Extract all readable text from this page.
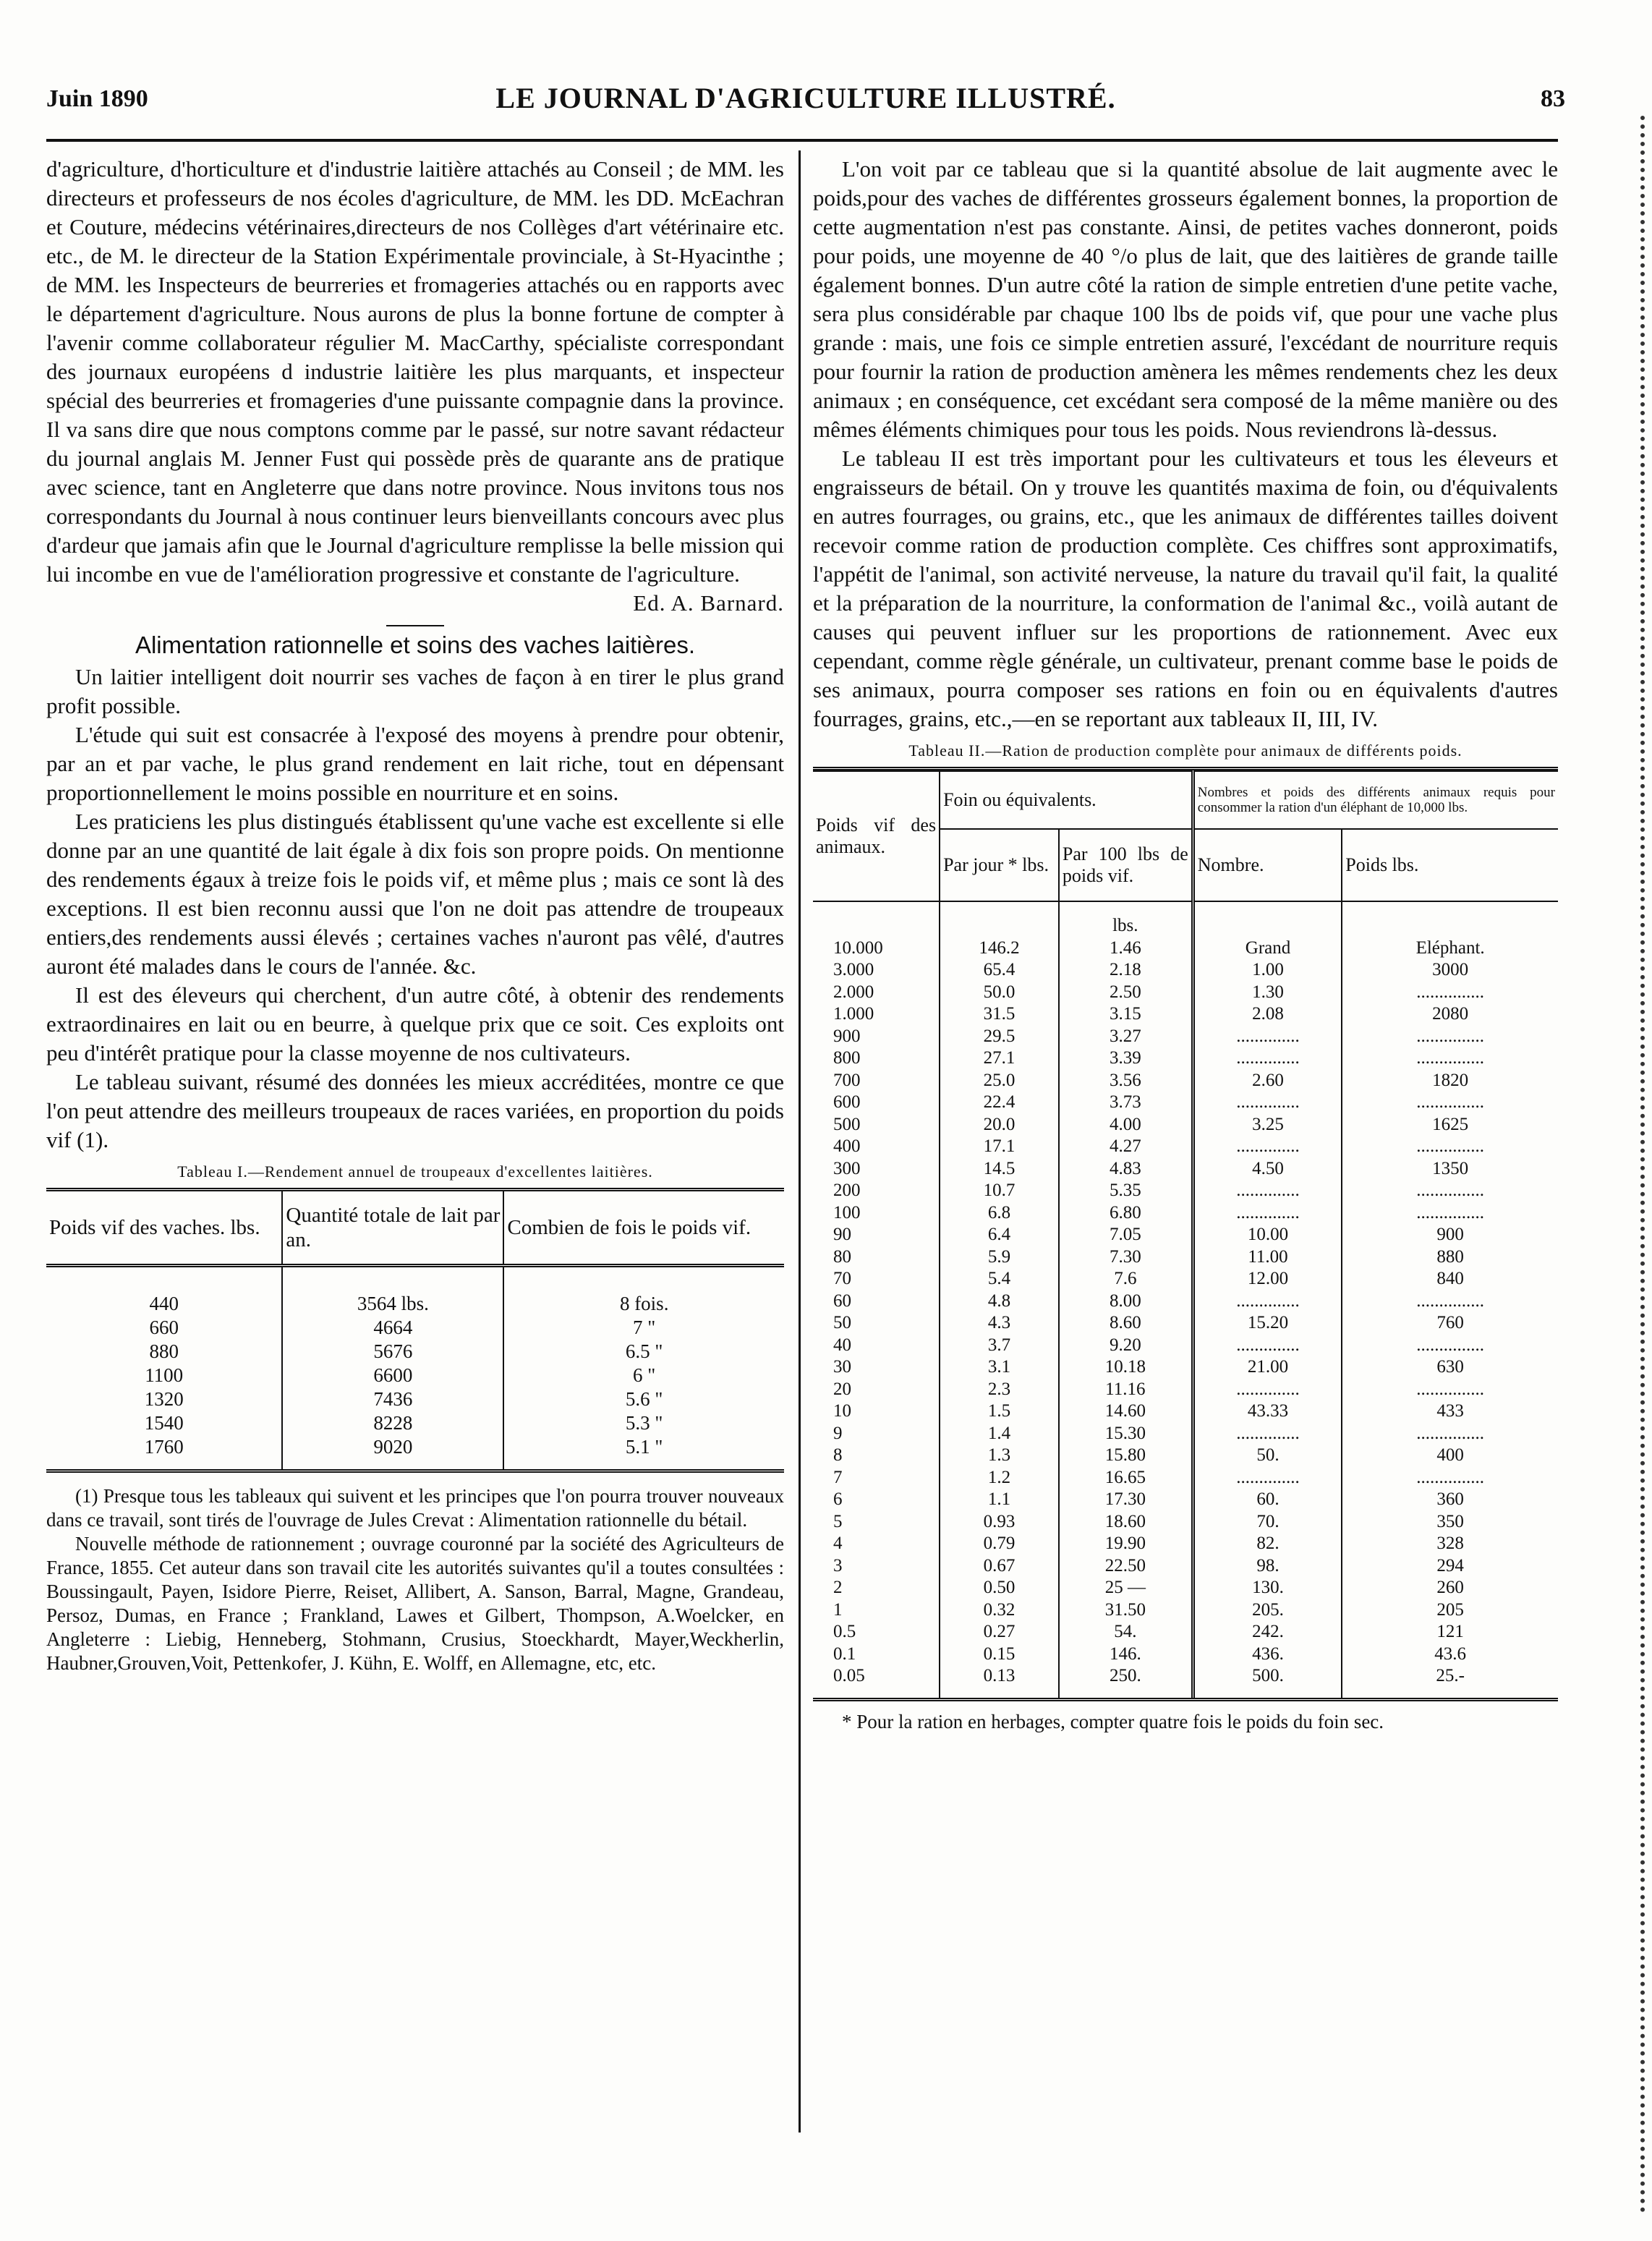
Juin 1890	LE JOURNAL D'AGRICULTURE ILLUSTRÉ.	83

d'agriculture, d'horticulture et d'industrie laitière attachés au Conseil ; de MM. les directeurs et professeurs de nos écoles d'agriculture, de MM. les DD. McEachran et Couture, médecins vétérinaires,directeurs de nos Collèges d'art vétérinaire etc. etc., de M. le directeur de la Station Expérimentale provinciale, à St-Hyacinthe ; de MM. les Inspecteurs de beurreries et fromageries attachés ou en rapports avec le département d'agriculture. Nous aurons de plus la bonne fortune de compter à l'avenir comme collaborateur régulier M. MacCarthy, spécialiste correspondant des journaux européens d industrie laitière les plus marquants, et inspecteur spécial des beurreries et fromageries d'une puissante compagnie dans la province. Il va sans dire que nous comptons comme par le passé, sur notre savant rédacteur du journal anglais M. Jenner Fust qui possède près de quarante ans de pratique avec science, tant en Angleterre que dans notre province. Nous invitons tous nos correspondants du Journal à nous continuer leurs bienveillants concours avec plus d'ardeur que jamais afin que le Journal d'agriculture remplisse la belle mission qui lui incombe en vue de l'amélioration progressive et constante de l'agriculture.

Ed. A. Barnard.

Alimentation rationnelle et soins des vaches laitières.

Un laitier intelligent doit nourrir ses vaches de façon à en tirer le plus grand profit possible.

L'étude qui suit est consacrée à l'exposé des moyens à prendre pour obtenir, par an et par vache, le plus grand rendement en lait riche, tout en dépensant proportionnellement le moins possible en nourriture et en soins.

Les praticiens les plus distingués établissent qu'une vache est excellente si elle donne par an une quantité de lait égale à dix fois son propre poids. On mentionne des rendements égaux à treize fois le poids vif, et même plus ; mais ce sont là des exceptions. Il est bien reconnu aussi que l'on ne doit pas attendre de troupeaux entiers,des rendements aussi élevés ; certaines vaches n'auront pas vêlé, d'autres auront été malades dans le cours de l'année. &c.

Il est des éleveurs qui cherchent, d'un autre côté, à obtenir des rendements extraordinaires en lait ou en beurre, à quelque prix que ce soit. Ces exploits ont peu d'intérêt pratique pour la classe moyenne de nos cultivateurs.

Le tableau suivant, résumé des données les mieux accréditées, montre ce que l'on peut attendre des meilleurs troupeaux de races variées, en proportion du poids vif (1).

Tableau I.—Rendement annuel de troupeaux d'excellentes laitières.
Poids vif des vaches. lbs.	Quantité totale de lait par an.	Combien de fois le poids vif.

440	3564 lbs.	8 fois.
660	4664	7 "
880	5676	6.5 "
1100	6600	6 "
1320	7436	5.6 "
1540	8228	5.3 "
1760	9020	5.1 "

(1) Presque tous les tableaux qui suivent et les principes que l'on pourra trouver nouveaux dans ce travail, sont tirés de l'ouvrage de Jules Crevat : Alimentation rationnelle du bétail.

Nouvelle méthode de rationnement ; ouvrage couronné par la société des Agriculteurs de France, 1855. Cet auteur dans son travail cite les autorités suivantes qu'il a toutes consultées : Boussingault, Payen, Isidore Pierre, Reiset, Allibert, A. Sanson, Barral, Magne, Grandeau, Persoz, Dumas, en France ; Frankland, Lawes et Gilbert, Thompson, A.Woelcker, en Angleterre : Liebig, Henneberg, Stohmann, Crusius, Stoeckhardt, Mayer,Weckherlin, Haubner,Grouven,Voit, Pettenkofer, J. Kühn, E. Wolff, en Allemagne, etc, etc.

L'on voit par ce tableau que si la quantité absolue de lait augmente avec le poids,pour des vaches de différentes grosseurs également bonnes, la proportion de cette augmentation n'est pas constante. Ainsi, de petites vaches donneront, poids pour poids, une moyenne de 40 °/o plus de lait, que des laitières de grande taille également bonnes. D'un autre côté la ration de simple entretien d'une petite vache, sera plus considérable par chaque 100 lbs de poids vif, que pour une vache plus grande : mais, une fois ce simple entretien assuré, l'excédant de nourriture requis pour fournir la ration de production amènera les mêmes rendements chez les deux animaux ; en conséquence, cet excédant sera composé de la même manière ou des mêmes éléments chimiques pour tous les poids. Nous reviendrons là-dessus.

Le tableau II est très important pour les cultivateurs et tous les éleveurs et engraisseurs de bétail. On y trouve les quantités maxima de foin, ou d'équivalents en autres fourrages, ou grains, etc., que les animaux de différentes tailles doivent recevoir comme ration de production complète. Ces chiffres sont approximatifs, l'appétit de l'animal, son activité nerveuse, la nature du travail qu'il fait, la qualité et la préparation de la nourriture, la conformation de l'animal &c., voilà autant de causes qui peuvent influer sur les proportions de rationnement. Avec eux cependant, comme règle générale, un cultivateur, prenant comme base le poids de ses animaux, pourra composer ses rations en foin ou en équivalents d'autres fourrages, grains, etc.,—en se reportant aux tableaux II, III, IV.

Tableau II.—Ration de production complète pour animaux de différents poids.
Poids vif des animaux.	Foin ou équivalents.		Nombres et poids des différents animaux requis pour consommer la ration d'un éléphant de 10,000 lbs.	
	Par jour * lbs.	Par 100 lbs de poids vif.	Nombre.	Poids lbs.

		lbs.		
10.000	146.2	1.46	Grand	Eléphant.
3.000	65.4	2.18	1.00	3000
2.000	50.0	2.50	1.30	...............
1.000	31.5	3.15	2.08	2080
900	29.5	3.27	..............	...............
800	27.1	3.39	..............	...............
700	25.0	3.56	2.60	1820
600	22.4	3.73	..............	...............
500	20.0	4.00	3.25	1625
400	17.1	4.27	..............	...............
300	14.5	4.83	4.50	1350
200	10.7	5.35	..............	...............
100	6.8	6.80	..............	...............
90	6.4	7.05	10.00	900
80	5.9	7.30	11.00	880
70	5.4	7.6	12.00	840
60	4.8	8.00	..............	...............
50	4.3	8.60	15.20	760
40	3.7	9.20	..............	...............
30	3.1	10.18	21.00	630
20	2.3	11.16	..............	...............
10	1.5	14.60	43.33	433
9	1.4	15.30	..............	...............
8	1.3	15.80	50.	400
7	1.2	16.65	..............	...............
6	1.1	17.30	60.	360
5	0.93	18.60	70.	350
4	0.79	19.90	82.	328
3	0.67	22.50	98.	294
2	0.50	25 —	130.	260
1	0.32	31.50	205.	205
0.5	0.27	54.	242.	121
0.1	0.15	146.	436.	43.6
0.05	0.13	250.	500.	25.-

* Pour la ration en herbages, compter quatre fois le poids du foin sec.
